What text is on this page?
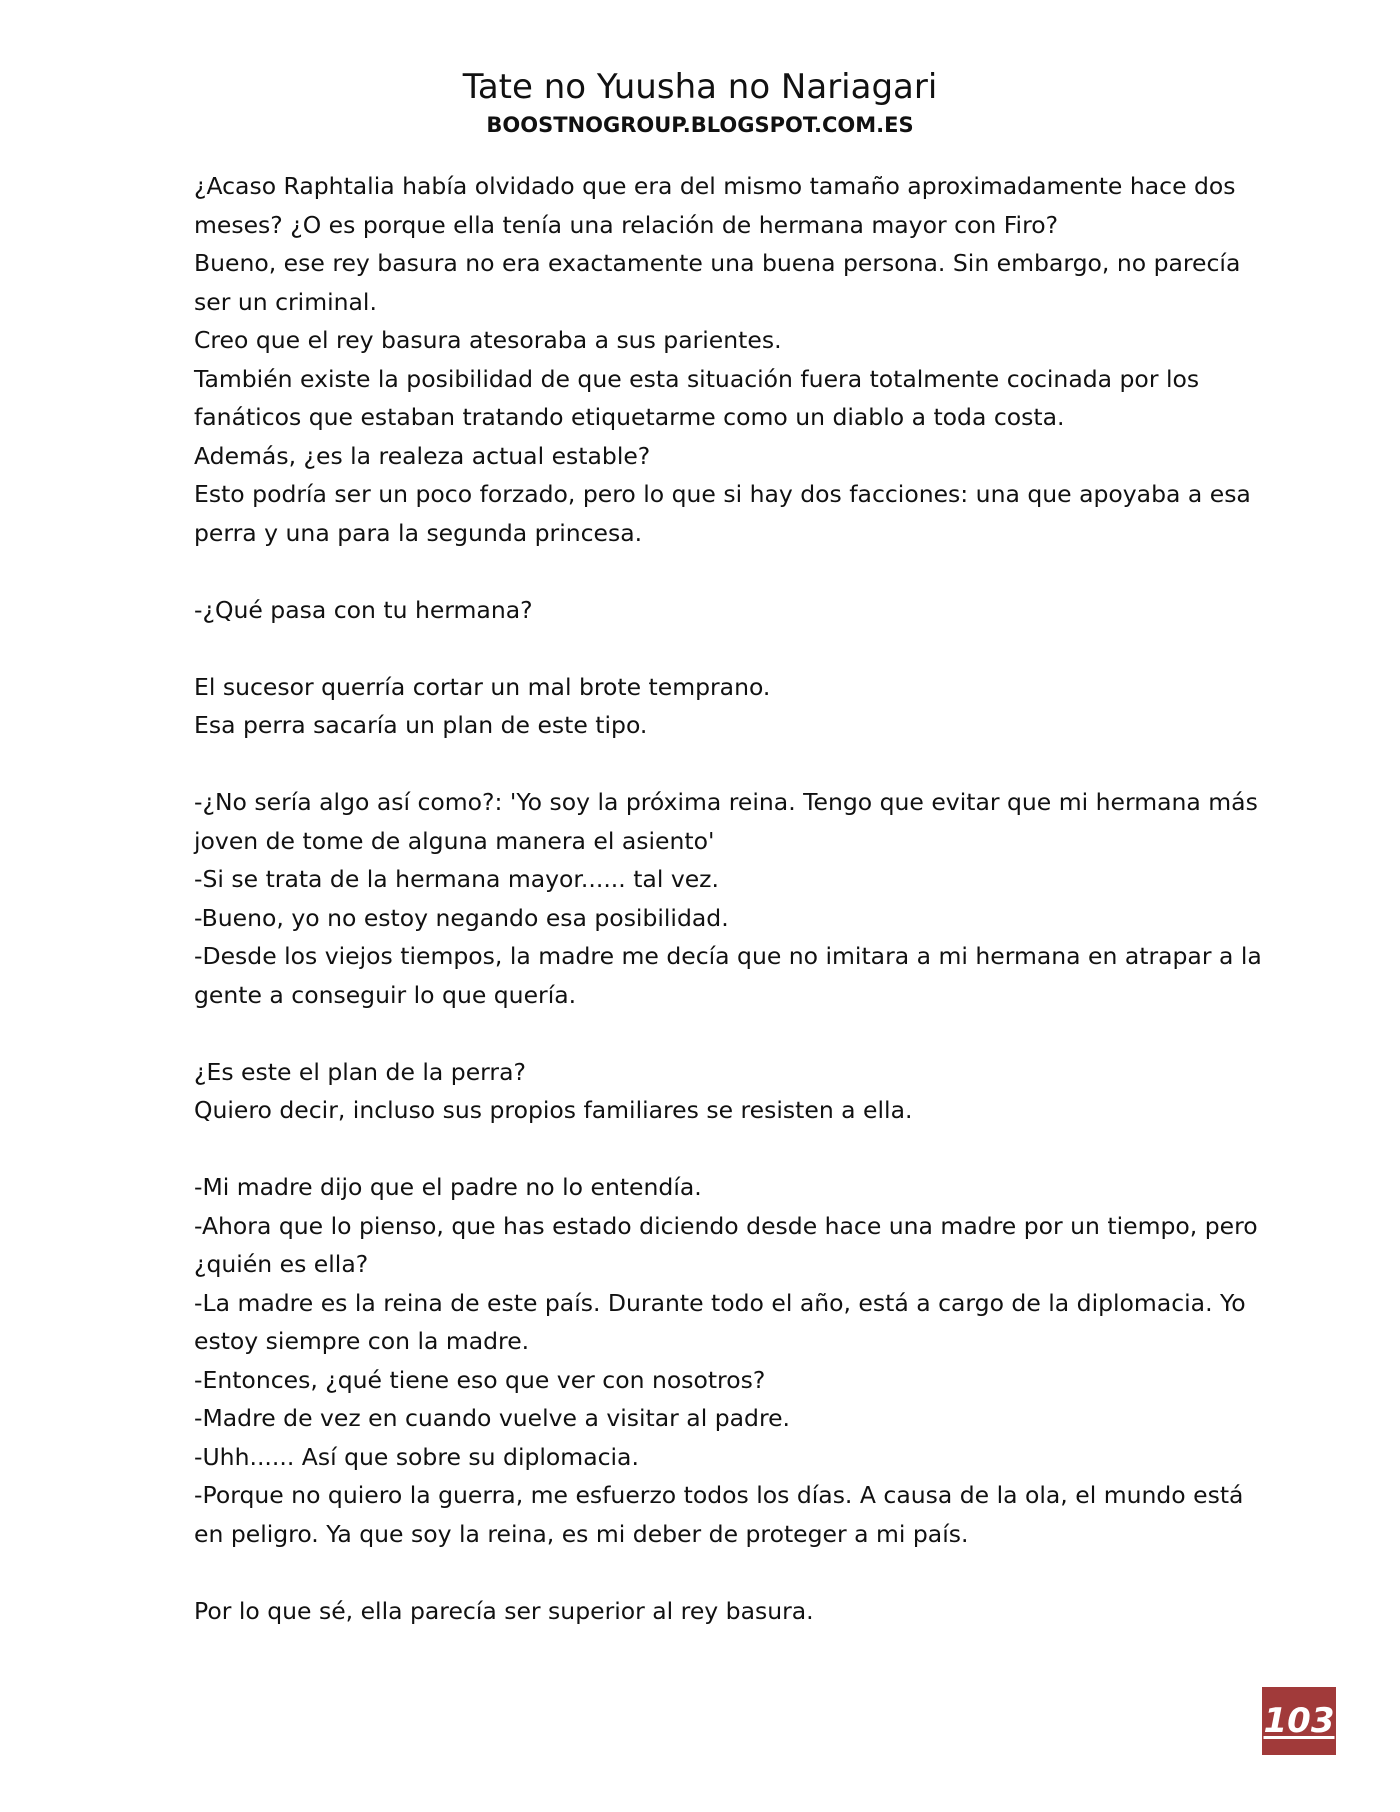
Tate no Yuusha no Nariagari
BOOSTNOGROUP.BLOGSPOT.COM.ES

¿Acaso Raphtalia había olvidado que era del mismo tamaño aproximadamente hace dos

meses? ¿O es porque ella tenía una relación de hermana mayor con Firo?

Bueno, ese rey basura no era exactamente una buena persona. Sin embargo, no parecía

ser un criminal.

Creo que el rey basura atesoraba a sus parientes.

También existe la posibilidad de que esta situación fuera totalmente cocinada por los

fanáticos que estaban tratando etiquetarme como un diablo a toda costa.

Además, ¿es la realeza actual estable?

Esto podría ser un poco forzado, pero lo que si hay dos facciones: una que apoyaba a esa

perra y una para la segunda princesa.

-¿Qué pasa con tu hermana?

El sucesor querría cortar un mal brote temprano.

Esa perra sacaría un plan de este tipo.

-¿No sería algo así como?: 'Yo soy la próxima reina. Tengo que evitar que mi hermana más

joven de tome de alguna manera el asiento'

-Si se trata de la hermana mayor...... tal vez.

-Bueno, yo no estoy negando esa posibilidad.

-Desde los viejos tiempos, la madre me decía que no imitara a mi hermana en atrapar a la

gente a conseguir lo que quería.

¿Es este el plan de la perra?

Quiero decir, incluso sus propios familiares se resisten a ella.

-Mi madre dijo que el padre no lo entendía.

-Ahora que lo pienso, que has estado diciendo desde hace una madre por un tiempo, pero

¿quién es ella?

-La madre es la reina de este país. Durante todo el año, está a cargo de la diplomacia. Yo

estoy siempre con la madre.

-Entonces, ¿qué tiene eso que ver con nosotros?

-Madre de vez en cuando vuelve a visitar al padre.

-Uhh...... Así que sobre su diplomacia.

-Porque no quiero la guerra, me esfuerzo todos los días. A causa de la ola, el mundo está

en peligro. Ya que soy la reina, es mi deber de proteger a mi país.

Por lo que sé, ella parecía ser superior al rey basura.

103
